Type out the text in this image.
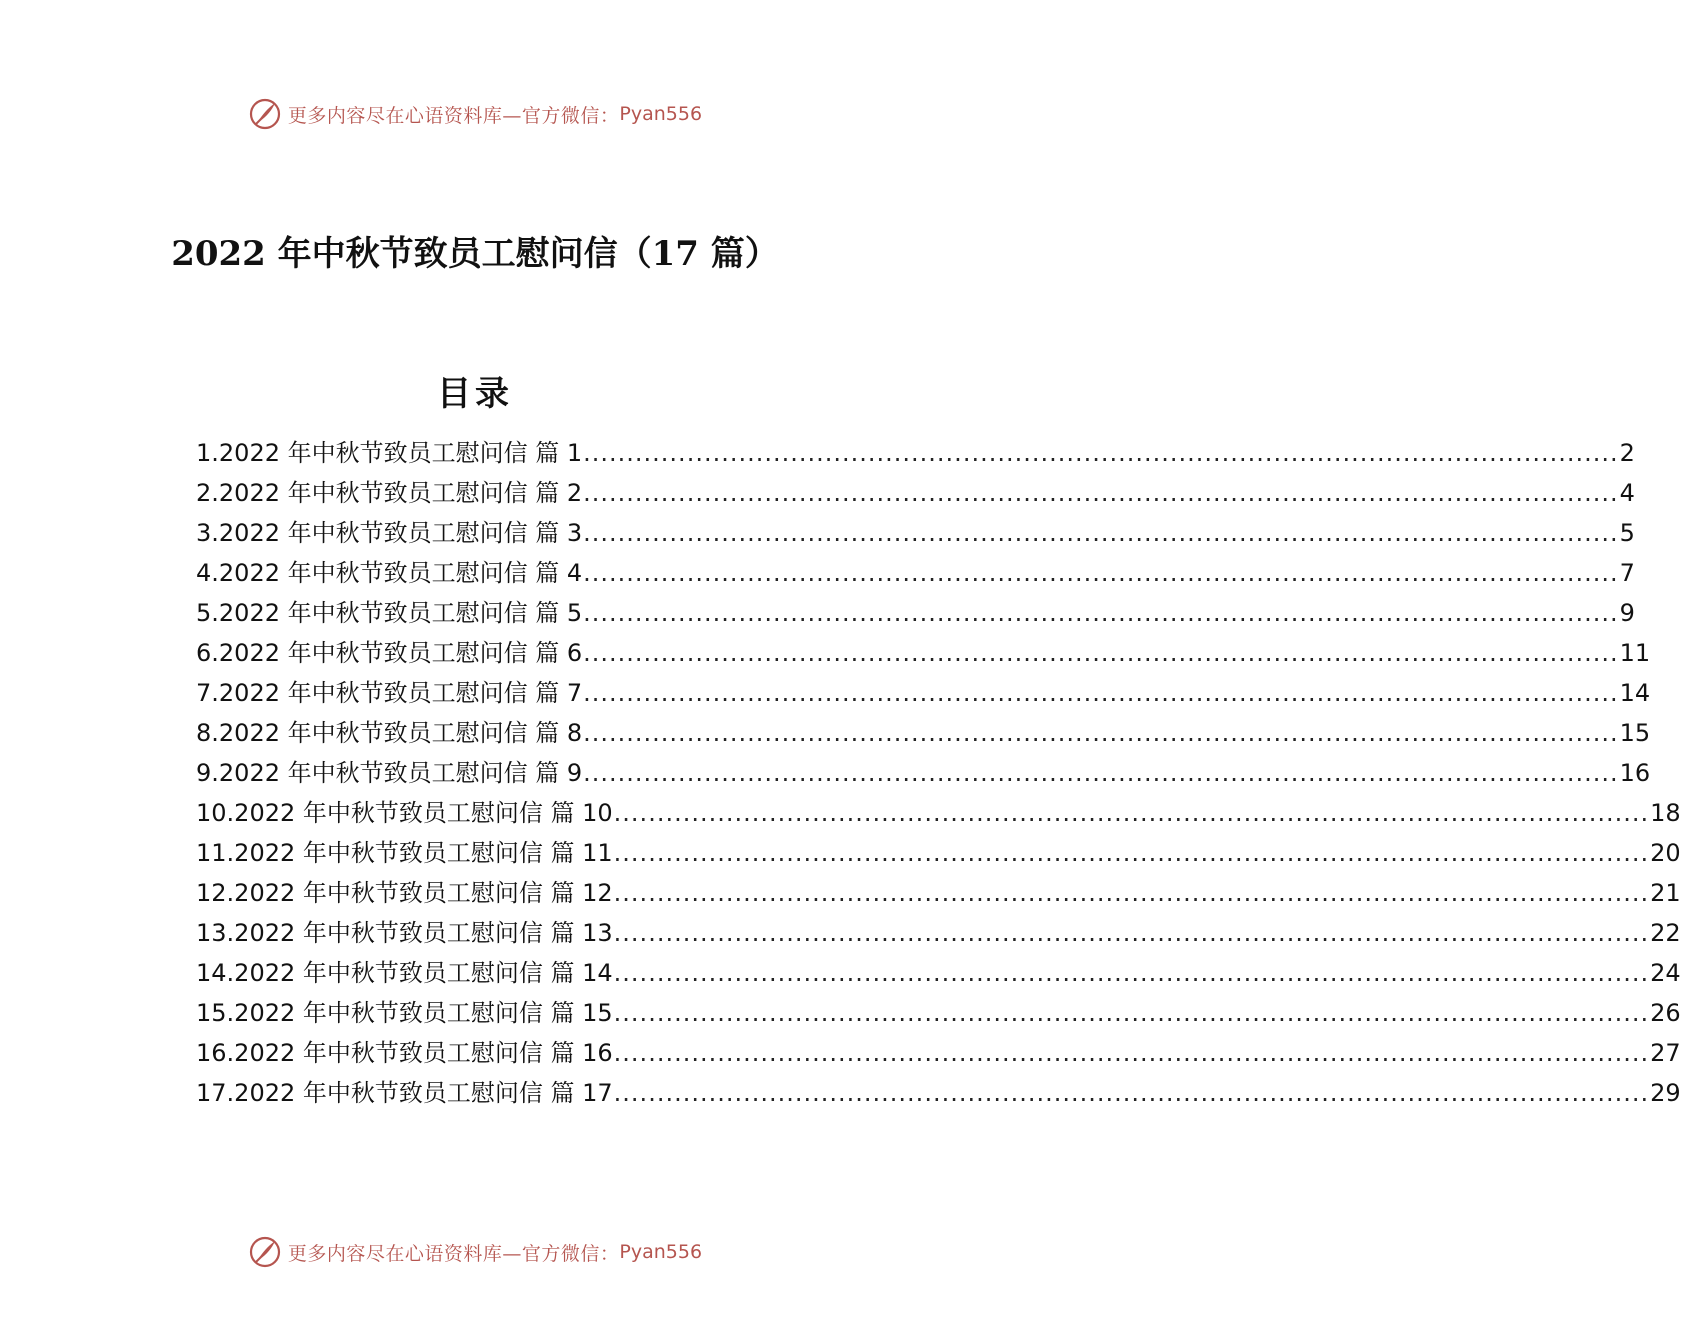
更多内容尽在心语资料库—官方微信： Pyan556
2022 年中秋节致员工慰问信（17 篇）
目录
1.2022 年中秋节致员工慰问信 篇 1 ........................................................................................................................ 2
2.2022 年中秋节致员工慰问信 篇 2 ........................................................................................................................ 4
3.2022 年中秋节致员工慰问信 篇 3 ........................................................................................................................ 5
4.2022 年中秋节致员工慰问信 篇 4 ........................................................................................................................ 7
5.2022 年中秋节致员工慰问信 篇 5 ........................................................................................................................ 9
6.2022 年中秋节致员工慰问信 篇 6 ........................................................................................................................ 11
7.2022 年中秋节致员工慰问信 篇 7 ........................................................................................................................ 14
8.2022 年中秋节致员工慰问信 篇 8 ........................................................................................................................ 15
9.2022 年中秋节致员工慰问信 篇 9 ........................................................................................................................ 16
10.2022 年中秋节致员工慰问信 篇 10 ........................................................................................................................ 18
11.2022 年中秋节致员工慰问信 篇 11 ........................................................................................................................ 20
12.2022 年中秋节致员工慰问信 篇 12 ........................................................................................................................ 21
13.2022 年中秋节致员工慰问信 篇 13 ........................................................................................................................ 22
14.2022 年中秋节致员工慰问信 篇 14 ........................................................................................................................ 24
15.2022 年中秋节致员工慰问信 篇 15 ........................................................................................................................ 26
16.2022 年中秋节致员工慰问信 篇 16 ........................................................................................................................ 27
17.2022 年中秋节致员工慰问信 篇 17 ........................................................................................................................ 29
更多内容尽在心语资料库—官方微信： Pyan556
